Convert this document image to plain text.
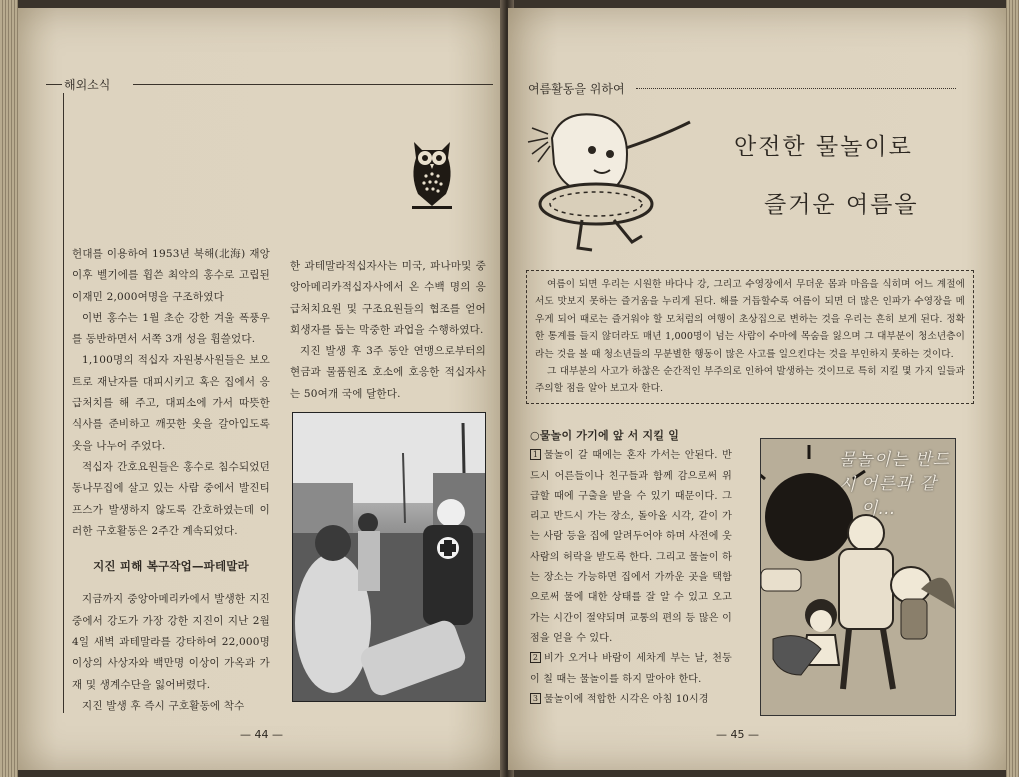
해외소식

헌대를 이용하여 1953년 북해(北海) 재앙 이후 벨기에를 휩쓴 최악의 홍수로 고립된 이재민 2,000여명을 구조하였다

이번 홍수는 1월 초순 강한 겨울 폭풍우를 동반하면서 서쪽 3개 성을 휩쓸었다.

1,100명의 적십자 자원봉사원들은 보오트로 재난자를 대피시키고 혹은 집에서 응급처치를 해 주고, 대피소에 가서 따뜻한 식사를 준비하고 깨끗한 옷을 갈아입도록 옷을 나누어 주었다.

적십자 간호요원들은 홍수로 침수되었던 동나무집에 살고 있는 사람 중에서 발진티프스가 발생하지 않도록 간호하였는데 이러한 구호활동은 2주간 계속되었다.

지진 피해 복구작업—파테말라

지금까지 중앙아메리카에서 발생한 지진 중에서 강도가 가장 강한 지진이 지난 2월 4일 새벽 과테말라를 강타하여 22,000명 이상의 사상자와 백만명 이상이 가옥과 가재 및 생계수단을 잃어버렸다.

지진 발생 후 즉시 구호활동에 착수

한 과테말라적십자사는 미국, 파나마및 중앙아메리카적십자사에서 온 수백 명의 응급처치요원 및 구조요원들의 협조를 얻어 회생자를 돕는 막중한 과업을 수행하였다.

지진 발생 후 3주 동안 연맹으로부터의 현금과 물품원조 호소에 호응한 적십자사는 50여개 국에 달한다.

— 44 —
여름활동을 위하여
안전한 물놀이로
즐거운 여름을

여름이 되면 우리는 시원한 바다나 강, 그리고 수영장에서 무더운 몸과 마음을 식히며 어느 계절에서도 맛보지 못하는 즐거움을 누리게 된다. 해를 거듭할수록 여름이 되면 더 많은 인파가 수영장을 메우게 되어 때로는 즐거워야 할 모처럼의 여행이 초상집으로 변하는 것을 우리는 흔히 보게 된다. 정확한 통계를 들지 않더라도 매년 1,000명이 넘는 사람이 수마에 목숨을 잃으며 그 대부분이 청소년층이라는 것을 볼 때 청소년들의 무분별한 행동이 많은 사고를 일으킨다는 것을 부인하지 못하는 것이다.

그 대부분의 사고가 하찮은 순간적인 부주의로 인하여 발생하는 것이므로 특히 지킬 몇 가지 일들과 주의할 점을 알아 보고자 한다.

○물놀이 가기에 앞 서 지킬 일

1 물놀이 갈 때에는 혼자 가서는 안된다. 반드시 어른들이나 친구들과 함께 감으로써 위급할 때에 구출을 받을 수 있기 때문이다. 그리고 반드시 가는 장소, 돌아올 시각, 같이 가는 사람 등을 집에 알려두어야 하며 사전에 웃사람의 허락을 받도록 한다. 그리고 물놀이 하는 장소는 가능하면 집에서 가까운 곳을 택함으로써 물에 대한 상태를 잘 알 수 있고 오고 가는 시간이 절약되며 교통의 편의 등 많은 이점을 얻을 수 있다.

2 비가 오거나 바람이 세차게 부는 날, 천둥이 칠 때는 물놀이를 하지 말아야 한다.

3 물놀이에 적합한 시각은 아침 10시경

물놀이는 반드시 어른과 같이…
— 45 —
